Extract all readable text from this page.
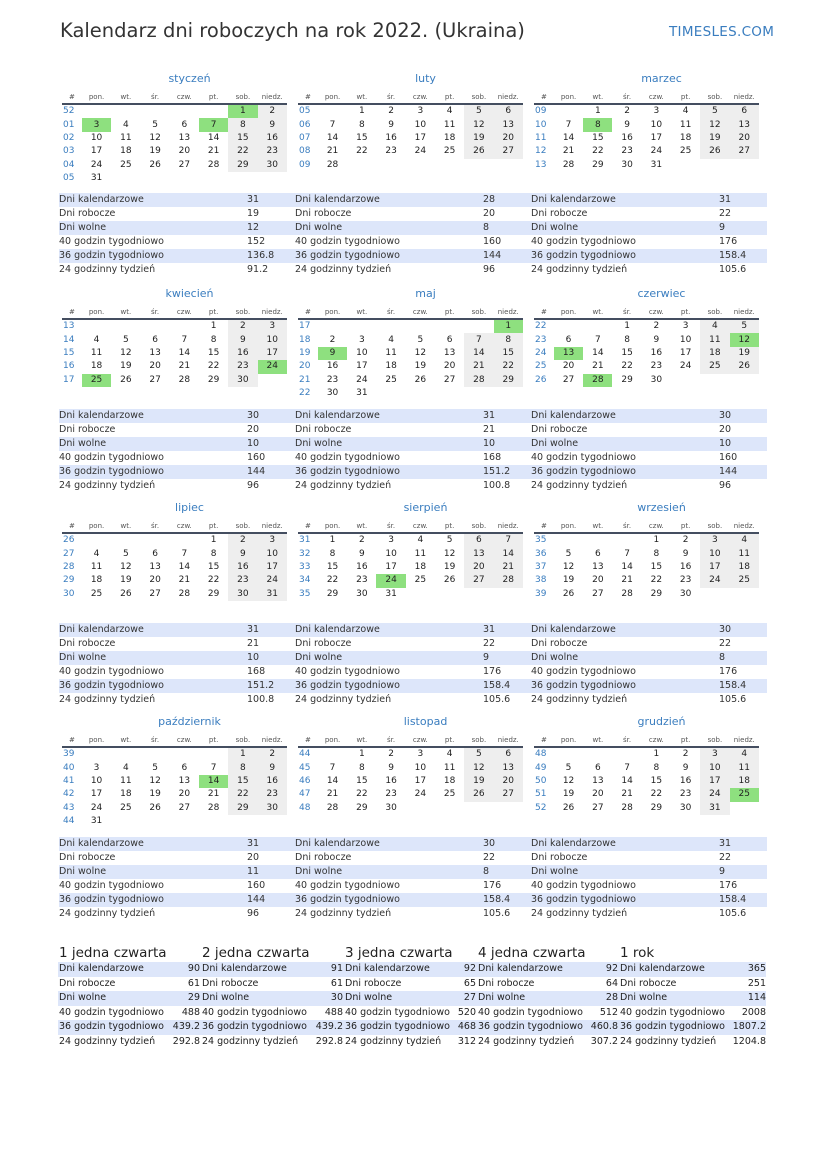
Kalendarz dni roboczych na rok 2022. (Ukraina)	TIMESLES.COM
styczeń
#	pon.	wt.	śr.	czw.	pt.	sob.	niedz.
52						1	2
01	3	4	5	6	7	8	9
02	10	11	12	13	14	15	16
03	17	18	19	20	21	22	23
04	24	25	26	27	28	29	30
05	31						
Dni kalendarzowe	31
Dni robocze	19
Dni wolne	12
40 godzin tygodniowo	152
36 godzin tygodniowo	136.8
24 godzinny tydzień	91.2
luty
#	pon.	wt.	śr.	czw.	pt.	sob.	niedz.
05		1	2	3	4	5	6
06	7	8	9	10	11	12	13
07	14	15	16	17	18	19	20
08	21	22	23	24	25	26	27
09	28						
Dni kalendarzowe	28
Dni robocze	20
Dni wolne	8
40 godzin tygodniowo	160
36 godzin tygodniowo	144
24 godzinny tydzień	96
marzec
#	pon.	wt.	śr.	czw.	pt.	sob.	niedz.
09		1	2	3	4	5	6
10	7	8	9	10	11	12	13
11	14	15	16	17	18	19	20
12	21	22	23	24	25	26	27
13	28	29	30	31			
Dni kalendarzowe	31
Dni robocze	22
Dni wolne	9
40 godzin tygodniowo	176
36 godzin tygodniowo	158.4
24 godzinny tydzień	105.6
kwiecień
#	pon.	wt.	śr.	czw.	pt.	sob.	niedz.
13					1	2	3
14	4	5	6	7	8	9	10
15	11	12	13	14	15	16	17
16	18	19	20	21	22	23	24
17	25	26	27	28	29	30	
Dni kalendarzowe	30
Dni robocze	20
Dni wolne	10
40 godzin tygodniowo	160
36 godzin tygodniowo	144
24 godzinny tydzień	96
maj
#	pon.	wt.	śr.	czw.	pt.	sob.	niedz.
17							1
18	2	3	4	5	6	7	8
19	9	10	11	12	13	14	15
20	16	17	18	19	20	21	22
21	23	24	25	26	27	28	29
22	30	31					
Dni kalendarzowe	31
Dni robocze	21
Dni wolne	10
40 godzin tygodniowo	168
36 godzin tygodniowo	151.2
24 godzinny tydzień	100.8
czerwiec
#	pon.	wt.	śr.	czw.	pt.	sob.	niedz.
22			1	2	3	4	5
23	6	7	8	9	10	11	12
24	13	14	15	16	17	18	19
25	20	21	22	23	24	25	26
26	27	28	29	30			
Dni kalendarzowe	30
Dni robocze	20
Dni wolne	10
40 godzin tygodniowo	160
36 godzin tygodniowo	144
24 godzinny tydzień	96
lipiec
#	pon.	wt.	śr.	czw.	pt.	sob.	niedz.
26					1	2	3
27	4	5	6	7	8	9	10
28	11	12	13	14	15	16	17
29	18	19	20	21	22	23	24
30	25	26	27	28	29	30	31
Dni kalendarzowe	31
Dni robocze	21
Dni wolne	10
40 godzin tygodniowo	168
36 godzin tygodniowo	151.2
24 godzinny tydzień	100.8
sierpień
#	pon.	wt.	śr.	czw.	pt.	sob.	niedz.
31	1	2	3	4	5	6	7
32	8	9	10	11	12	13	14
33	15	16	17	18	19	20	21
34	22	23	24	25	26	27	28
35	29	30	31				
Dni kalendarzowe	31
Dni robocze	22
Dni wolne	9
40 godzin tygodniowo	176
36 godzin tygodniowo	158.4
24 godzinny tydzień	105.6
wrzesień
#	pon.	wt.	śr.	czw.	pt.	sob.	niedz.
35				1	2	3	4
36	5	6	7	8	9	10	11
37	12	13	14	15	16	17	18
38	19	20	21	22	23	24	25
39	26	27	28	29	30		
Dni kalendarzowe	30
Dni robocze	22
Dni wolne	8
40 godzin tygodniowo	176
36 godzin tygodniowo	158.4
24 godzinny tydzień	105.6
październik
#	pon.	wt.	śr.	czw.	pt.	sob.	niedz.
39						1	2
40	3	4	5	6	7	8	9
41	10	11	12	13	14	15	16
42	17	18	19	20	21	22	23
43	24	25	26	27	28	29	30
44	31						
Dni kalendarzowe	31
Dni robocze	20
Dni wolne	11
40 godzin tygodniowo	160
36 godzin tygodniowo	144
24 godzinny tydzień	96
listopad
#	pon.	wt.	śr.	czw.	pt.	sob.	niedz.
44		1	2	3	4	5	6
45	7	8	9	10	11	12	13
46	14	15	16	17	18	19	20
47	21	22	23	24	25	26	27
48	28	29	30				
Dni kalendarzowe	30
Dni robocze	22
Dni wolne	8
40 godzin tygodniowo	176
36 godzin tygodniowo	158.4
24 godzinny tydzień	105.6
grudzień
#	pon.	wt.	śr.	czw.	pt.	sob.	niedz.
48				1	2	3	4
49	5	6	7	8	9	10	11
50	12	13	14	15	16	17	18
51	19	20	21	22	23	24	25
52	26	27	28	29	30	31	
Dni kalendarzowe	31
Dni robocze	22
Dni wolne	9
40 godzin tygodniowo	176
36 godzin tygodniowo	158.4
24 godzinny tydzień	105.6
1 jedna czwarta
Dni kalendarzowe	90
Dni robocze	61
Dni wolne	29
40 godzin tygodniowo	488
36 godzin tygodniowo 439.2
24 godzinny tydzień	292.8
2 jedna czwarta
Dni kalendarzowe	91
Dni robocze	61
Dni wolne	30
40 godzin tygodniowo	488
36 godzin tygodniowo 439.2
24 godzinny tydzień	292.8
3 jedna czwarta
Dni kalendarzowe	92
Dni robocze	65
Dni wolne	27
40 godzin tygodniowo 520
36 godzin tygodniowo 468
24 godzinny tydzień	312
4 jedna czwarta
Dni kalendarzowe	92
Dni robocze	64
Dni wolne	28
40 godzin tygodniowo	512
36 godzin tygodniowo 460.8
24 godzinny tydzień	307.2
1 rok
Dni kalendarzowe	365
Dni robocze	251
Dni wolne	114
40 godzin tygodniowo	2008
36 godzin tygodniowo 1807.2
24 godzinny tydzień	1204.8
